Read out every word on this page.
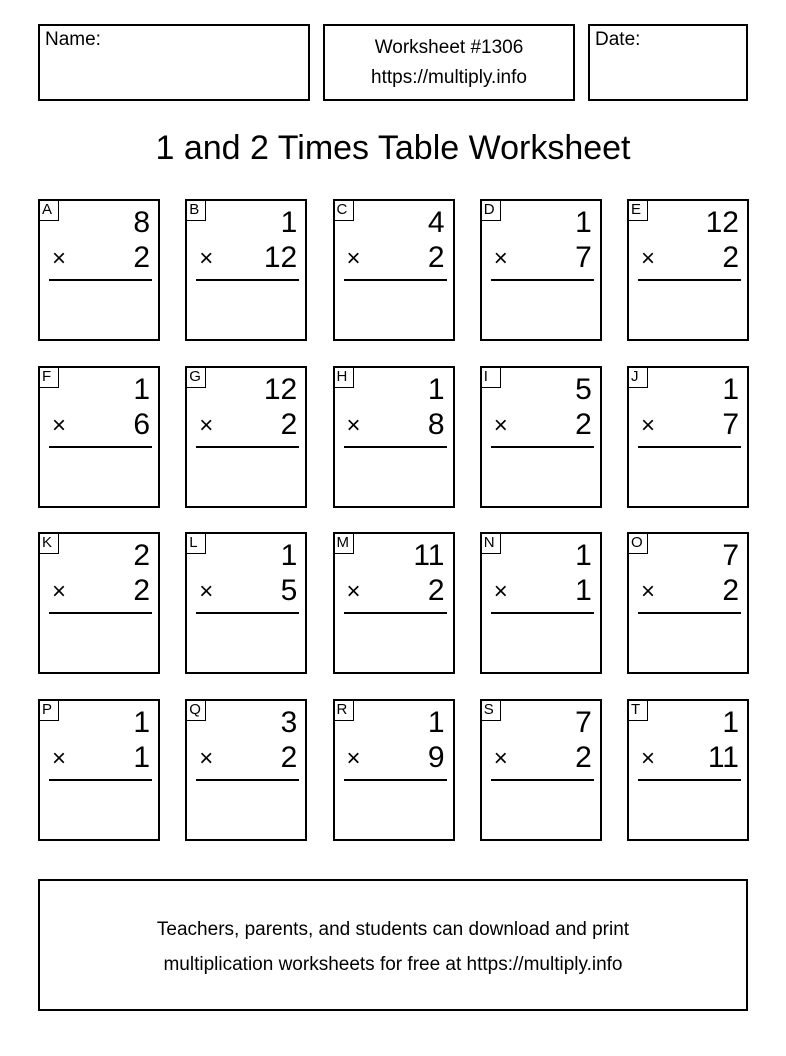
Name:	Worksheet #1306
https://multiply.info
Date:
1 and 2 Times Table Worksheet
A	8
× 2
B	1
× 12
C	4
× 2
D	1
× 7
E 12
× 2
F	1
× 6
G 12
× 2
H	1
× 8
I	5
× 2
J	1
× 7
K	2
× 2
L	1
× 5
M 11
× 2
N	1
× 1
O	7
× 2
P	1
× 1
Q	3
× 2
R	1
× 9
S	7
× 2
T	1
× 11
Teachers, parents, and students can download and print
multiplication worksheets for free at https://multiply.info
